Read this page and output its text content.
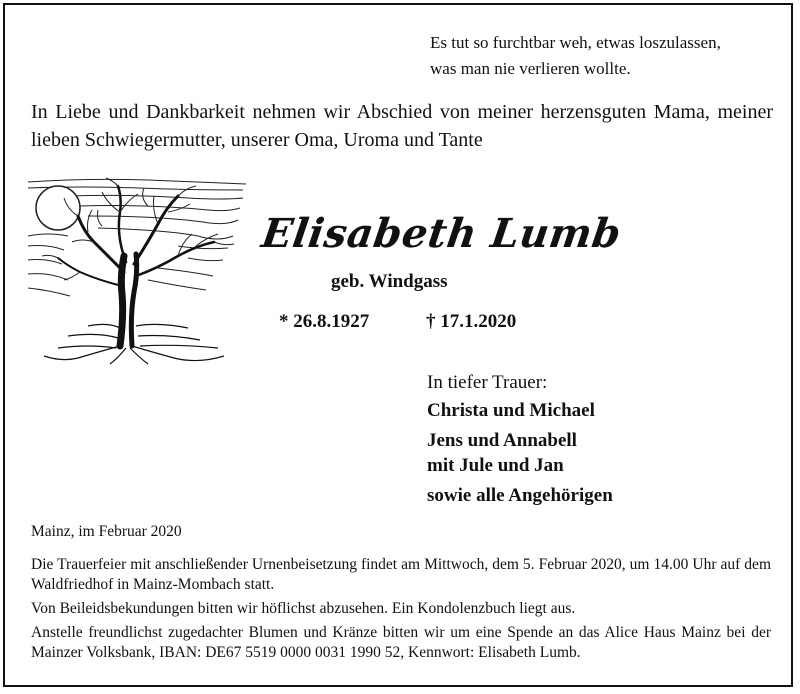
Es tut so furchtbar weh, etwas loszulassen,
was man nie verlieren wollte.
In Liebe und Dankbarkeit nehmen wir Abschied von meiner herzensguten Mama, meiner lieben Schwiegermutter, unserer Oma, Uroma und Tante
Elisabeth Lumb
geb. Windgass
* 26.8.1927	† 17.1.2020
In tiefer Trauer:
Christa und Michael
Jens und Annabell
mit Jule und Jan
sowie alle Angehörigen
Mainz, im Februar 2020
Die Trauerfeier mit anschließender Urnenbeisetzung findet am Mittwoch, dem 5. Februar 2020, um 14.00 Uhr auf dem Waldfriedhof in Mainz-Mombach statt.
Von Beileidsbekundungen bitten wir höflichst abzusehen. Ein Kondolenzbuch liegt aus.
Anstelle freundlichst zugedachter Blumen und Kränze bitten wir um eine Spende an das Alice Haus Mainz bei der Mainzer Volksbank, IBAN: DE67 5519 0000 0031 1990 52, Kennwort: Elisabeth Lumb.
